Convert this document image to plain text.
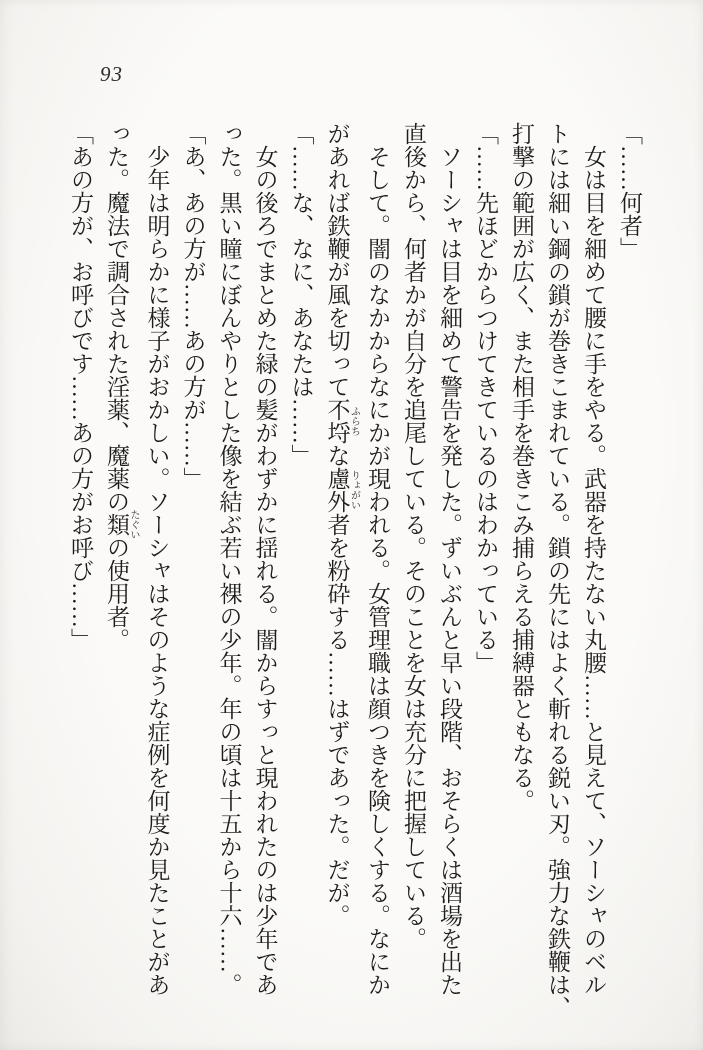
93
「……何者」
女は目を細めて腰に手をやる。武器を持たない丸腰……と見えて、ソーシャのベル
トには細い鋼の鎖が巻きこまれている。鎖の先にはよく斬れる鋭い刃。強力な鉄鞭は、
打撃の範囲が広く、また相手を巻きこみ捕らえる捕縛器ともなる。
「……先ほどからつけてきているのはわかっている」
ソーシャは目を細めて警告を発した。ずいぶんと早い段階、おそらくは酒場を出た
直後から、何者かが自分を追尾している。そのことを女は充分に把握している。
そして。闇のなかからなにかが現われる。女管理職は顔つきを険しくする。なにか
があれば鉄鞭が風を切って不埒 ふらちな慮外 りょがい者を粉砕する……はずであった。だが。
「……な、なに、あなたは……」
女の後ろでまとめた緑の髪がわずかに揺れる。闇からすっと現われたのは少年であ
った。黒い瞳にぼんやりとした像を結ぶ若い裸の少年。年の頃は十五から十六……。
「あ、あの方が……あの方が……」
少年は明らかに様子がおかしい。ソーシャはそのような症例を何度か見たことがあ
った。魔法で調合された淫薬、魔薬の類 たぐいの使用者。
「あの方が、お呼びです……あの方がお呼び……」
